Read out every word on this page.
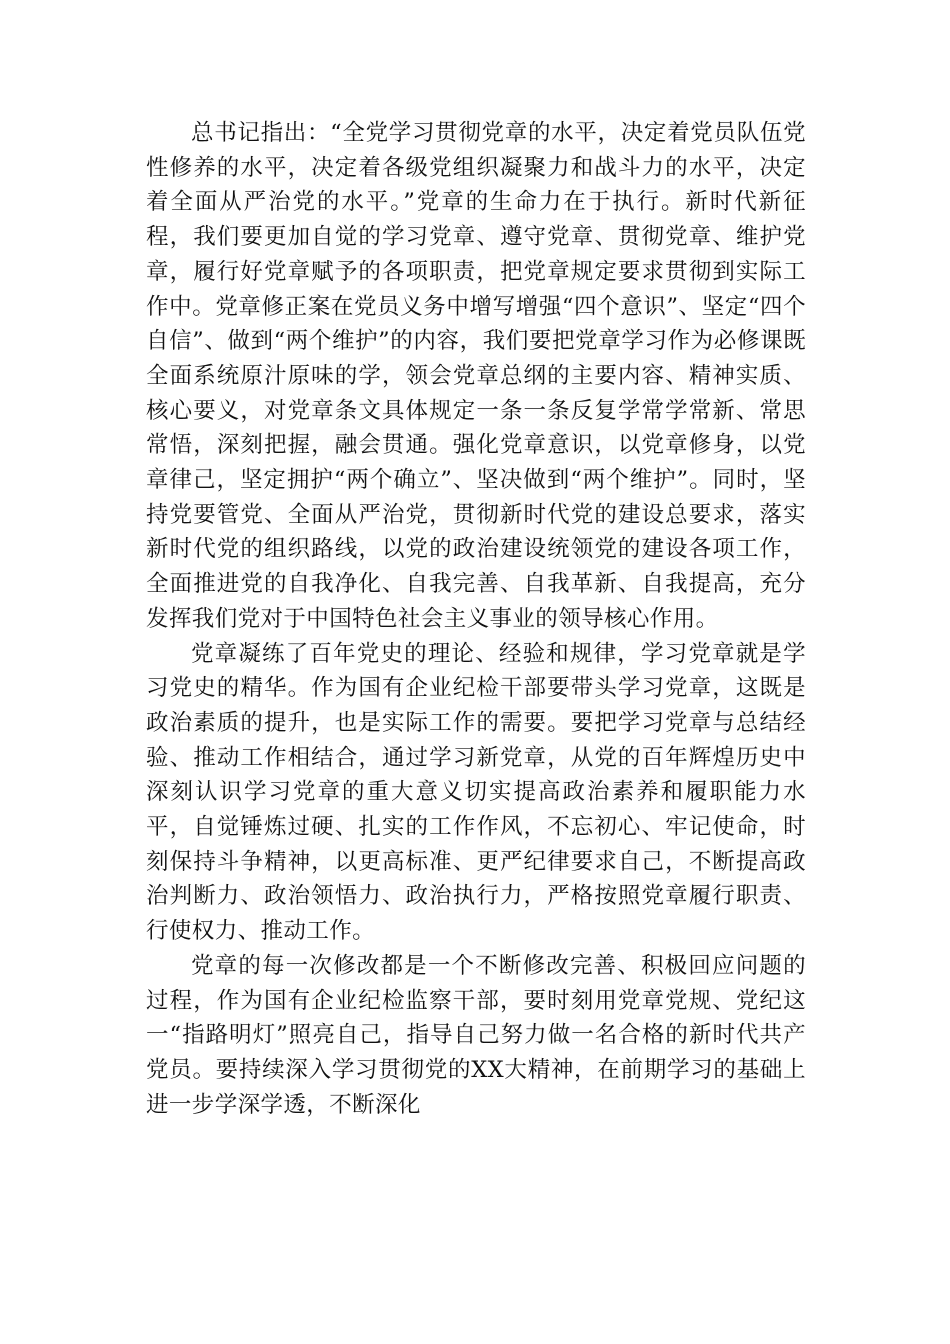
总书记指出：“全党学习贯彻党章的水平，决定着党员队伍党性修养的水平，决定着各级党组织凝聚力和战斗力的水平，决定着全面从严治党的水平。”党章的生命力在于执行。新时代新征程，我们要更加自觉的学习党章、遵守党章、贯彻党章、维护党章，履行好党章赋予的各项职责，把党章规定要求贯彻到实际工作中。党章修正案在党员义务中增写增强“四个意识”、坚定“四个自信”、做到“两个维护”的内容，我们要把党章学习作为必修课既全面系统原汁原味的学，领会党章总纲的主要内容、精神实质、核心要义，对党章条文具体规定一条一条反复学常学常新、常思常悟，深刻把握，融会贯通。强化党章意识，以党章修身，以党章律己，坚定拥护“两个确立”、坚决做到“两个维护”。同时，坚持党要管党、全面从严治党，贯彻新时代党的建设总要求，落实新时代党的组织路线，以党的政治建设统领党的建设各项工作，全面推进党的自我净化、自我完善、自我革新、自我提高，充分发挥我们党对于中国特色社会主义事业的领导核心作用。

党章凝练了百年党史的理论、经验和规律，学习党章就是学习党史的精华。作为国有企业纪检干部要带头学习党章，这既是政治素质的提升，也是实际工作的需要。要把学习党章与总结经验、推动工作相结合，通过学习新党章，从党的百年辉煌历史中深刻认识学习党章的重大意义切实提高政治素养和履职能力水平，自觉锤炼过硬、扎实的工作作风，不忘初心、牢记使命，时刻保持斗争精神，以更高标准、更严纪律要求自己，不断提高政治判断力、政治领悟力、政治执行力，严格按照党章履行职责、行使权力、推动工作。

党章的每一次修改都是一个不断修改完善、积极回应问题的过程，作为国有企业纪检监察干部，要时刻用党章党规、党纪这一“指路明灯”照亮自己，指导自己努力做一名合格的新时代共产党员。要持续深入学习贯彻党的XX大精神，在前期学习的基础上进一步学深学透，不断深化
